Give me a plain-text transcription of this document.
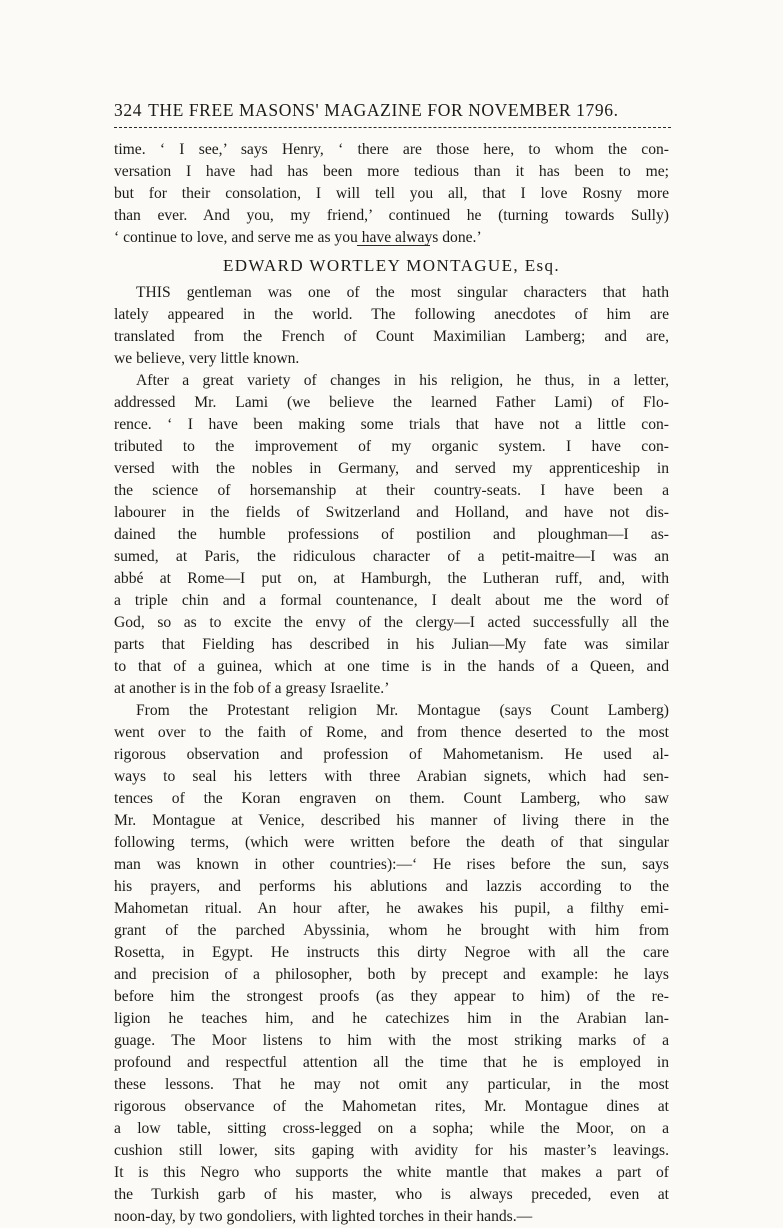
324 THE FREE MASONS' MAGAZINE FOR NOVEMBER 1796.
time. ‘ I see,’ says Henry, ‘ there are those here, to whom the con-
versation I have had has been more tedious than it has been to me;
but for their consolation, I will tell you all, that I love Rosny more
than ever. And you, my friend,’ continued he (turning towards Sully)
‘ continue to love, and serve me as you have always done.’
EDWARD WORTLEY MONTAGUE, Esq.
THIS gentleman was one of the most singular characters that hath
lately appeared in the world. The following anecdotes of him are
translated from the French of Count Maximilian Lamberg; and are,
we believe, very little known.
After a great variety of changes in his religion, he thus, in a letter,
addressed Mr. Lami (we believe the learned Father Lami) of Flo-
rence. ‘ I have been making some trials that have not a little con-
tributed to the improvement of my organic system. I have con-
versed with the nobles in Germany, and served my apprenticeship in
the science of horsemanship at their country-seats. I have been a
labourer in the fields of Switzerland and Holland, and have not dis-
dained the humble professions of postilion and ploughman—I as-
sumed, at Paris, the ridiculous character of a petit-maitre—I was an
abbé at Rome—I put on, at Hamburgh, the Lutheran ruff, and, with
a triple chin and a formal countenance, I dealt about me the word of
God, so as to excite the envy of the clergy—I acted successfully all the
parts that Fielding has described in his Julian—My fate was similar
to that of a guinea, which at one time is in the hands of a Queen, and
at another is in the fob of a greasy Israelite.’
From the Protestant religion Mr. Montague (says Count Lamberg)
went over to the faith of Rome, and from thence deserted to the most
rigorous observation and profession of Mahometanism. He used al-
ways to seal his letters with three Arabian signets, which had sen-
tences of the Koran engraven on them. Count Lamberg, who saw
Mr. Montague at Venice, described his manner of living there in the
following terms, (which were written before the death of that singular
man was known in other countries):—‘ He rises before the sun, says
his prayers, and performs his ablutions and lazzis according to the
Mahometan ritual. An hour after, he awakes his pupil, a filthy emi-
grant of the parched Abyssinia, whom he brought with him from
Rosetta, in Egypt. He instructs this dirty Negroe with all the care
and precision of a philosopher, both by precept and example: he lays
before him the strongest proofs (as they appear to him) of the re-
ligion he teaches him, and he catechizes him in the Arabian lan-
guage. The Moor listens to him with the most striking marks of a
profound and respectful attention all the time that he is employed in
these lessons. That he may not omit any particular, in the most
rigorous observance of the Mahometan rites, Mr. Montague dines at
a low table, sitting cross-legged on a sopha; while the Moor, on a
cushion still lower, sits gaping with avidity for his master’s leavings.
It is this Negro who supports the white mantle that makes a part of
the Turkish garb of his master, who is always preceded, even at
noon-day, by two gondoliers, with lighted torches in their hands.—
